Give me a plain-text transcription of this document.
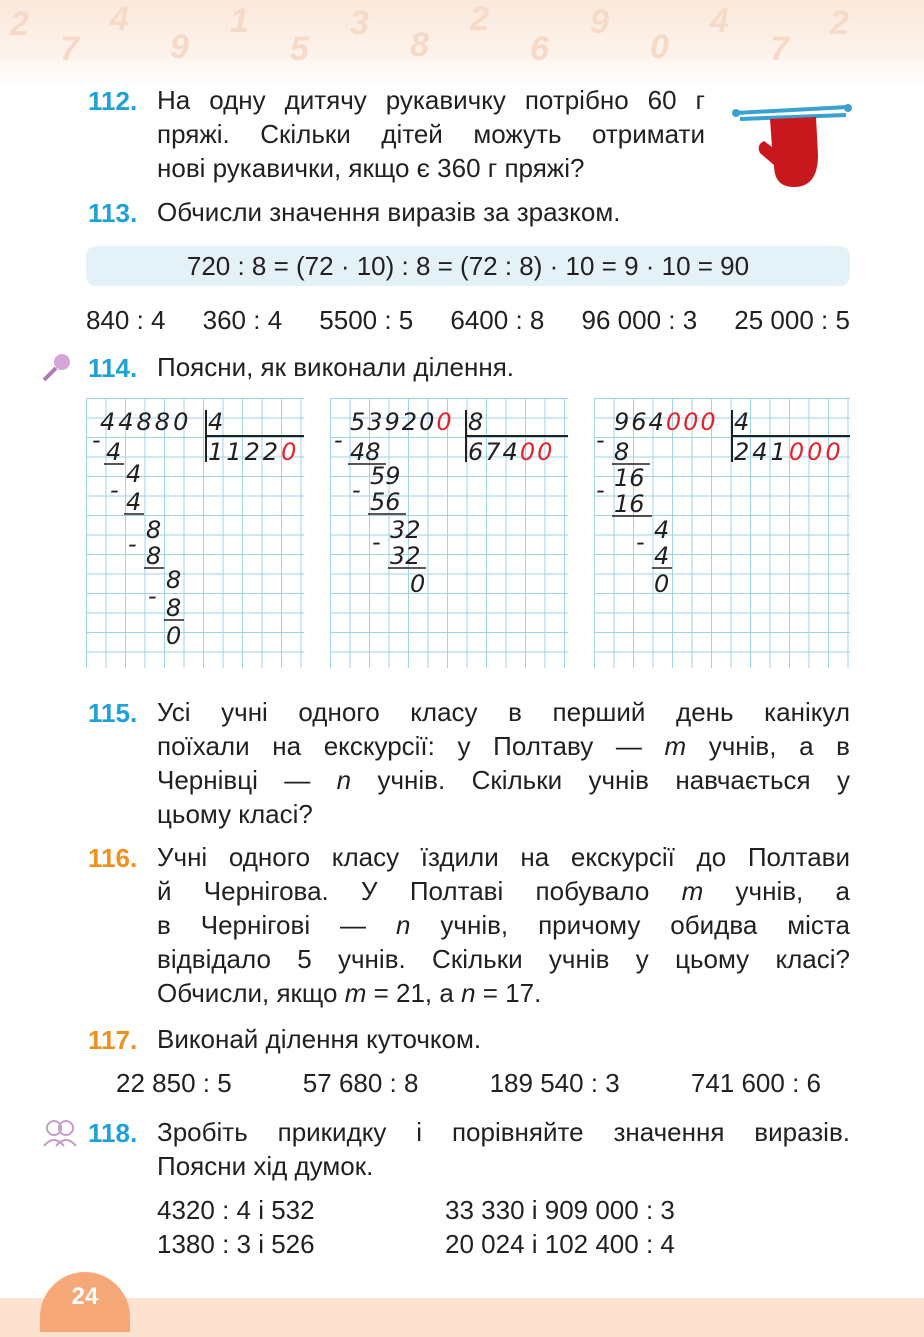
2
7
4
9
1
5
3
8
2
6
9
0
4
7
2
112. На одну дитячу рукавичку потрібно 60 г
пряжі. Скільки дітей можуть отримати
нові рукавички, якщо є 360 г пряжі?
113. Обчисли значення виразів за зразком.
720 : 8 = (72 · 10) : 8 = (72 : 8) · 10 = 9 · 10 = 90
840 : 4 360 : 4 5500 : 5 6400 : 8 96 000 : 3 25 000 : 5
114. Поясни, як виконали ділення.
-
44880 4
11220
4
4
- 4
8
- 8
8
- 8
0
-
539200 8
67400
48
- 59
56
- 32
32
0
-
964000 4
241000
8
- 16
16
- 4
4
0
115. Усі учні одного класу в перший день канікул
поїхали на екскурсії: у Полтаву — m учнів, а в
Чернівці — n учнів. Скільки учнів навчається у
цьому класі?
116. Учні одного класу їздили на екскурсії до Полтави
й Чернігова. У Полтаві побувало m учнів, а
в Чернігові — n учнів, причому обидва міста
відвідало 5 учнів. Скільки учнів у цьому класі?
Обчисли, якщо m = 21, а n = 17.
117. Виконай ділення куточком.
22 850 : 5	57 680 : 8	189 540 : 3	741 600 : 6
118. Зробіть прикидку і порівняйте значення виразів.
Поясни хід думок.
4320 : 4 і 532
1380 : 3 і 526
33 330 і 909 000 : 3
20 024 і 102 400 : 4
24
